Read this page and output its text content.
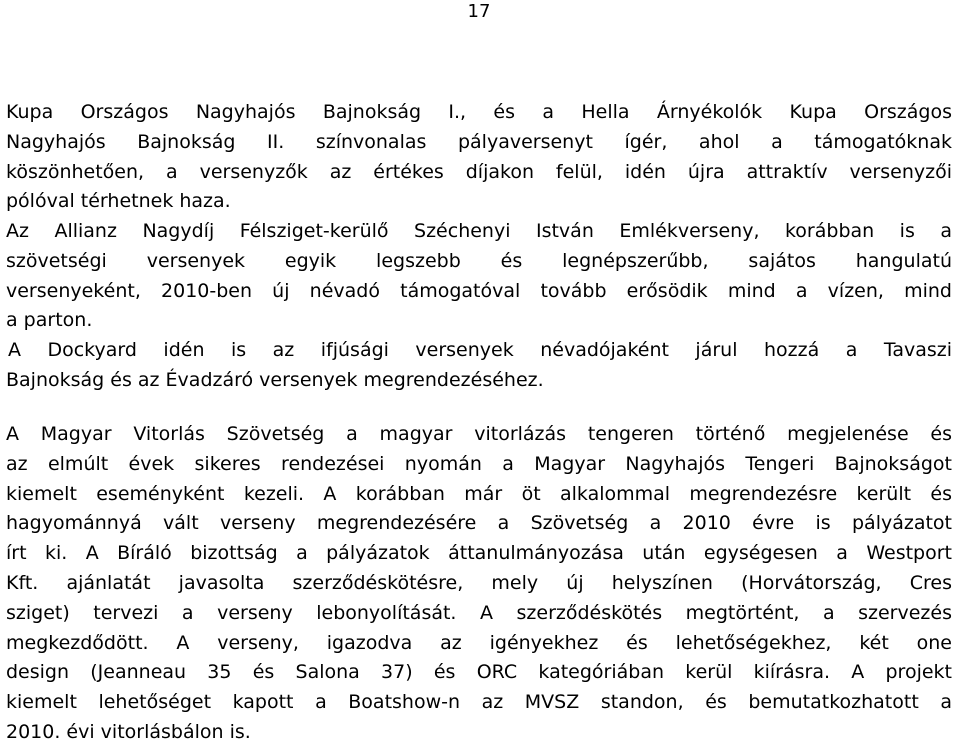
17
Kupa Országos Nagyhajós Bajnokság I., és a Hella Árnyékolók Kupa Országos
Nagyhajós Bajnokság II. színvonalas pályaversenyt ígér, ahol a támogatóknak
köszönhetően, a versenyzők az értékes díjakon felül, idén újra attraktív versenyzői
pólóval térhetnek haza.
Az Allianz Nagydíj Félsziget-kerülő Széchenyi István Emlékverseny, korábban is a
szövetségi versenyek egyik legszebb és legnépszerűbb, sajátos hangulatú
versenyeként, 2010-ben új névadó támogatóval tovább erősödik mind a vízen, mind
a parton.
A Dockyard idén is az ifjúsági versenyek névadójaként járul hozzá a Tavaszi
Bajnokság és az Évadzáró versenyek megrendezéséhez.
A Magyar Vitorlás Szövetség a magyar vitorlázás tengeren történő megjelenése és
az elmúlt évek sikeres rendezései nyomán a Magyar Nagyhajós Tengeri Bajnokságot
kiemelt eseményként kezeli. A korábban már öt alkalommal megrendezésre került és
hagyománnyá vált verseny megrendezésére a Szövetség a 2010 évre is pályázatot
írt ki. A Bíráló bizottság a pályázatok áttanulmányozása után egységesen a Westport
Kft. ajánlatát javasolta szerződéskötésre, mely új helyszínen (Horvátország, Cres
sziget) tervezi a verseny lebonyolítását. A szerződéskötés megtörtént, a szervezés
megkezdődött. A verseny, igazodva az igényekhez és lehetőségekhez, két one
design (Jeanneau 35 és Salona 37) és ORC kategóriában kerül kiírásra. A projekt
kiemelt lehetőséget kapott a Boatshow-n az MVSZ standon, és bemutatkozhatott a
2010. évi vitorlásbálon is.
